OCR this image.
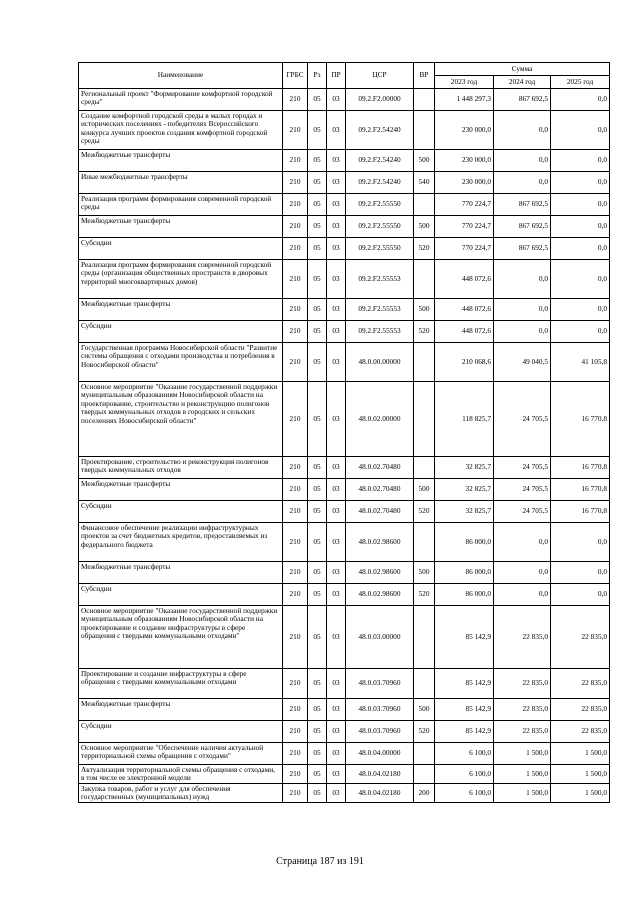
Наименование	ГРБС	Рз	ПР	ЦСР	ВР	Сумма		
						2023 год	2024 год	2025 год
Региональный проект "Формирование комфортной городской среды"	210	05	03	09.2.F2.00000		1 448 297,3	867 692,5	0,0
Создание комфортной городской среды в малых городах и исторических поселениях - победителях Всероссийского конкурса лучших проектов создания комфортной городской среды	210	05	03	09.2.F2.54240		230 000,0	0,0	0,0
Межбюджетные трансферты	210	05	03	09.2.F2.54240	500	230 000,0	0,0	0,0
Иные межбюджетные трансферты	210	05	03	09.2.F2.54240	540	230 000,0	0,0	0,0
Реализация программ формирования современной городской среды	210	05	03	09.2.F2.55550		770 224,7	867 692,5	0,0
Межбюджетные трансферты	210	05	03	09.2.F2.55550	500	770 224,7	867 692,5	0,0
Субсидии	210	05	03	09.2.F2.55550	520	770 224,7	867 692,5	0,0
Реализация программ формирования современной городской среды (организация общественных пространств в дворовых территорий многоквартирных домов)	210	05	03	09.2.F2.55553		448 072,6	0,0	0,0
Межбюджетные трансферты	210	05	03	09.2.F2.55553	500	448 072,6	0,0	0,0
Субсидии	210	05	03	09.2.F2.55553	520	448 072,6	0,0	0,0
Государственная программа Новосибирской области "Развитие системы обращения с отходами производства и потребления в Новосибирской области"	210	05	03	48.0.00.00000		210 068,6	49 040,5	41 105,8
Основное мероприятие "Оказание государственной поддержки муниципальным образованиям Новосибирской области на проектирование, строительство и реконструкцию полигонов твердых коммунальных отходов в городских и сельских поселениях Новосибирской области"	210	05	03	48.0.02.00000		118 825,7	24 705,5	16 770,8
Проектирование, строительство и реконструкция полигонов твердых коммунальных отходов	210	05	03	48.0.02.70480		32 825,7	24 705,5	16 770,8
Межбюджетные трансферты	210	05	03	48.0.02.70480	500	32 825,7	24 705,5	16 770,8
Субсидии	210	05	03	48.0.02.70480	520	32 825,7	24 705,5	16 770,8
Финансовое обеспечение реализации инфраструктурных проектов за счет бюджетных кредитов, предоставляемых из федерального бюджета	210	05	03	48.0.02.98600		86 000,0	0,0	0,0
Межбюджетные трансферты	210	05	03	48.0.02.98600	500	86 000,0	0,0	0,0
Субсидии	210	05	03	48.0.02.98600	520	86 000,0	0,0	0,0
Основное мероприятие "Оказание государственной поддержки муниципальным образованиям Новосибирской области на проектирование и создание инфраструктуры в сфере обращения с твердыми коммунальными отходами"	210	05	03	48.0.03.00000		85 142,9	22 835,0	22 835,0
Проектирование и создание инфраструктуры в сфере обращения с твердыми коммунальными отходами	210	05	03	48.0.03.70960		85 142,9	22 835,0	22 835,0
Межбюджетные трансферты	210	05	03	48.0.03.70960	500	85 142,9	22 835,0	22 835,0
Субсидии	210	05	03	48.0.03.70960	520	85 142,9	22 835,0	22 835,0
Основное мероприятие "Обеспечение наличия актуальной территориальной схемы обращения с отходами"	210	05	03	48.0.04.00000		6 100,0	1 500,0	1 500,0
Актуализация территориальной схемы обращения с отходами, в том числе ее электронной модели	210	05	03	48.0.04.02180		6 100,0	1 500,0	1 500,0
Закупка товаров, работ и услуг для обеспечения государственных (муниципальных) нужд	210	05	03	48.0.04.02180	200	6 100,0	1 500,0	1 500,0
Страница 187 из 191
